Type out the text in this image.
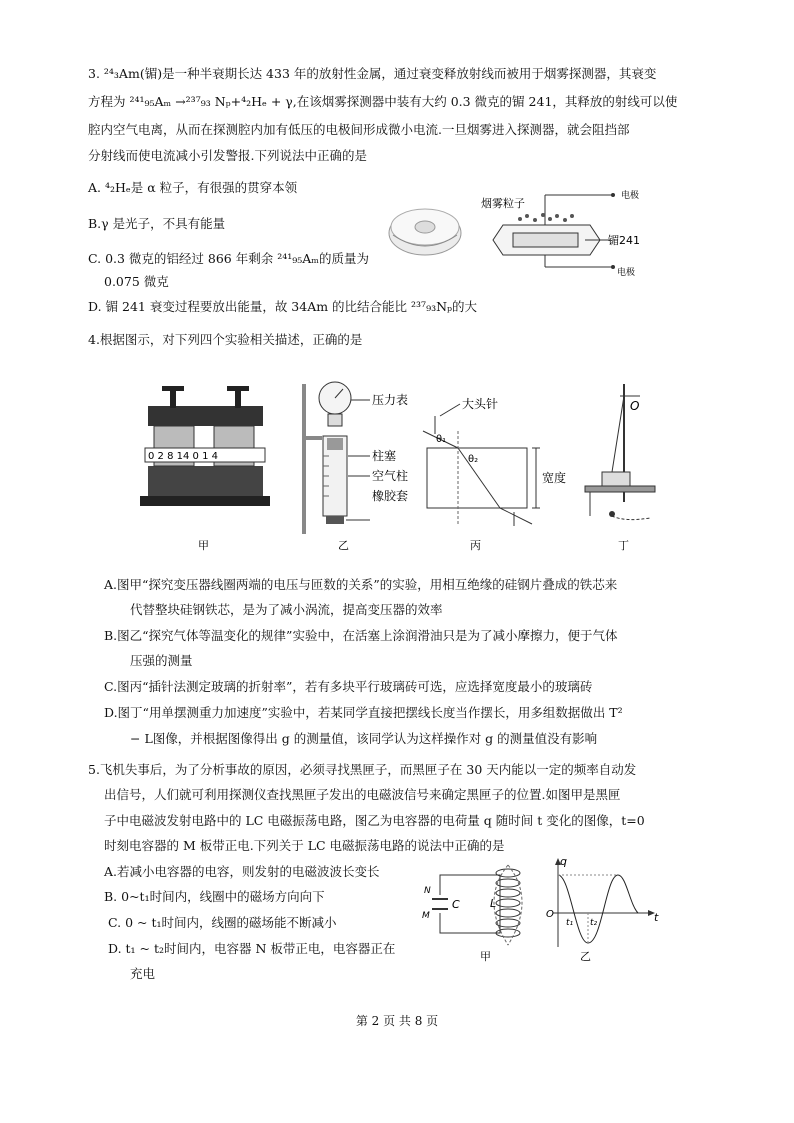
3. ²⁴₃Am(镅)是一种半衰期长达 433 年的放射性金属，通过衰变释放射线而被用于烟雾探测器，其衰变
方程为 ²⁴¹₉₅Aₘ →²³⁷₉₃ Nₚ+⁴₂Hₑ + γ,在该烟雾探测器中装有大约 0.3 微克的镅 241，其释放的射线可以使
腔内空气电离，从而在探测腔内加有低压的电极间形成微小电流.一旦烟雾进入探测器，就会阻挡部
分射线而使电流减小引发警报.下列说法中正确的是
A. ⁴₂Hₑ是 α 粒子，有很强的贯穿本领
B.γ 是光子，不具有能量
C. 0.3 微克的铝经过 866 年剩余 ²⁴¹₉₅Aₘ的质量为
0.075 微克
D. 镅 241 衰变过程要放出能量，故 34Am 的比结合能比 ²³⁷₉₃Nₚ的大
电极
烟雾粒子
镅241
电极
4.根据图示，对下列四个实验相关描述，正确的是
0 2 8 14 0 1 4
甲
压力表
柱塞
空气柱
橡胶套
乙
θ₁
θ₂
大头针
宽度
丙
O
丁
A.图甲“探究变压器线圈两端的电压与匝数的关系”的实验，用相互绝缘的硅钢片叠成的铁芯来
代替整块硅钢铁芯，是为了减小涡流，提高变压器的效率
B.图乙“探究气体等温变化的规律”实验中，在活塞上涂润滑油只是为了减小摩擦力，便于气体
压强的测量
C.图丙“插针法测定玻璃的折射率”，若有多块平行玻璃砖可选，应选择宽度最小的玻璃砖
D.图丁“用单摆测重力加速度”实验中，若某同学直接把摆线长度当作摆长，用多组数据做出 T²
− L图像，并根据图像得出 g 的测量值，该同学认为这样操作对 g 的测量值没有影响
5.飞机失事后，为了分析事故的原因，必须寻找黑匣子，而黑匣子在 30 天内能以一定的频率自动发
出信号，人们就可利用探测仪查找黑匣子发出的电磁波信号来确定黑匣子的位置.如图甲是黑匣
子中电磁波发射电路中的 LC 电磁振荡电路，图乙为电容器的电荷量 q 随时间 t 变化的图像，t=0
时刻电容器的 M 板带正电.下列关于 LC 电磁振荡电路的说法中正确的是
A.若减小电容器的电容，则发射的电磁波波长变长
B. 0~t₁时间内，线圈中的磁场方向向下
C. 0 ~ t₁时间内，线圈的磁场能不断减小
D. t₁ ~ t₂时间内，电容器 N 板带正电，电容器正在
充电
N
M
C	L
甲
q
O
t₁ t₂	t
乙
第 2 页 共 8 页
